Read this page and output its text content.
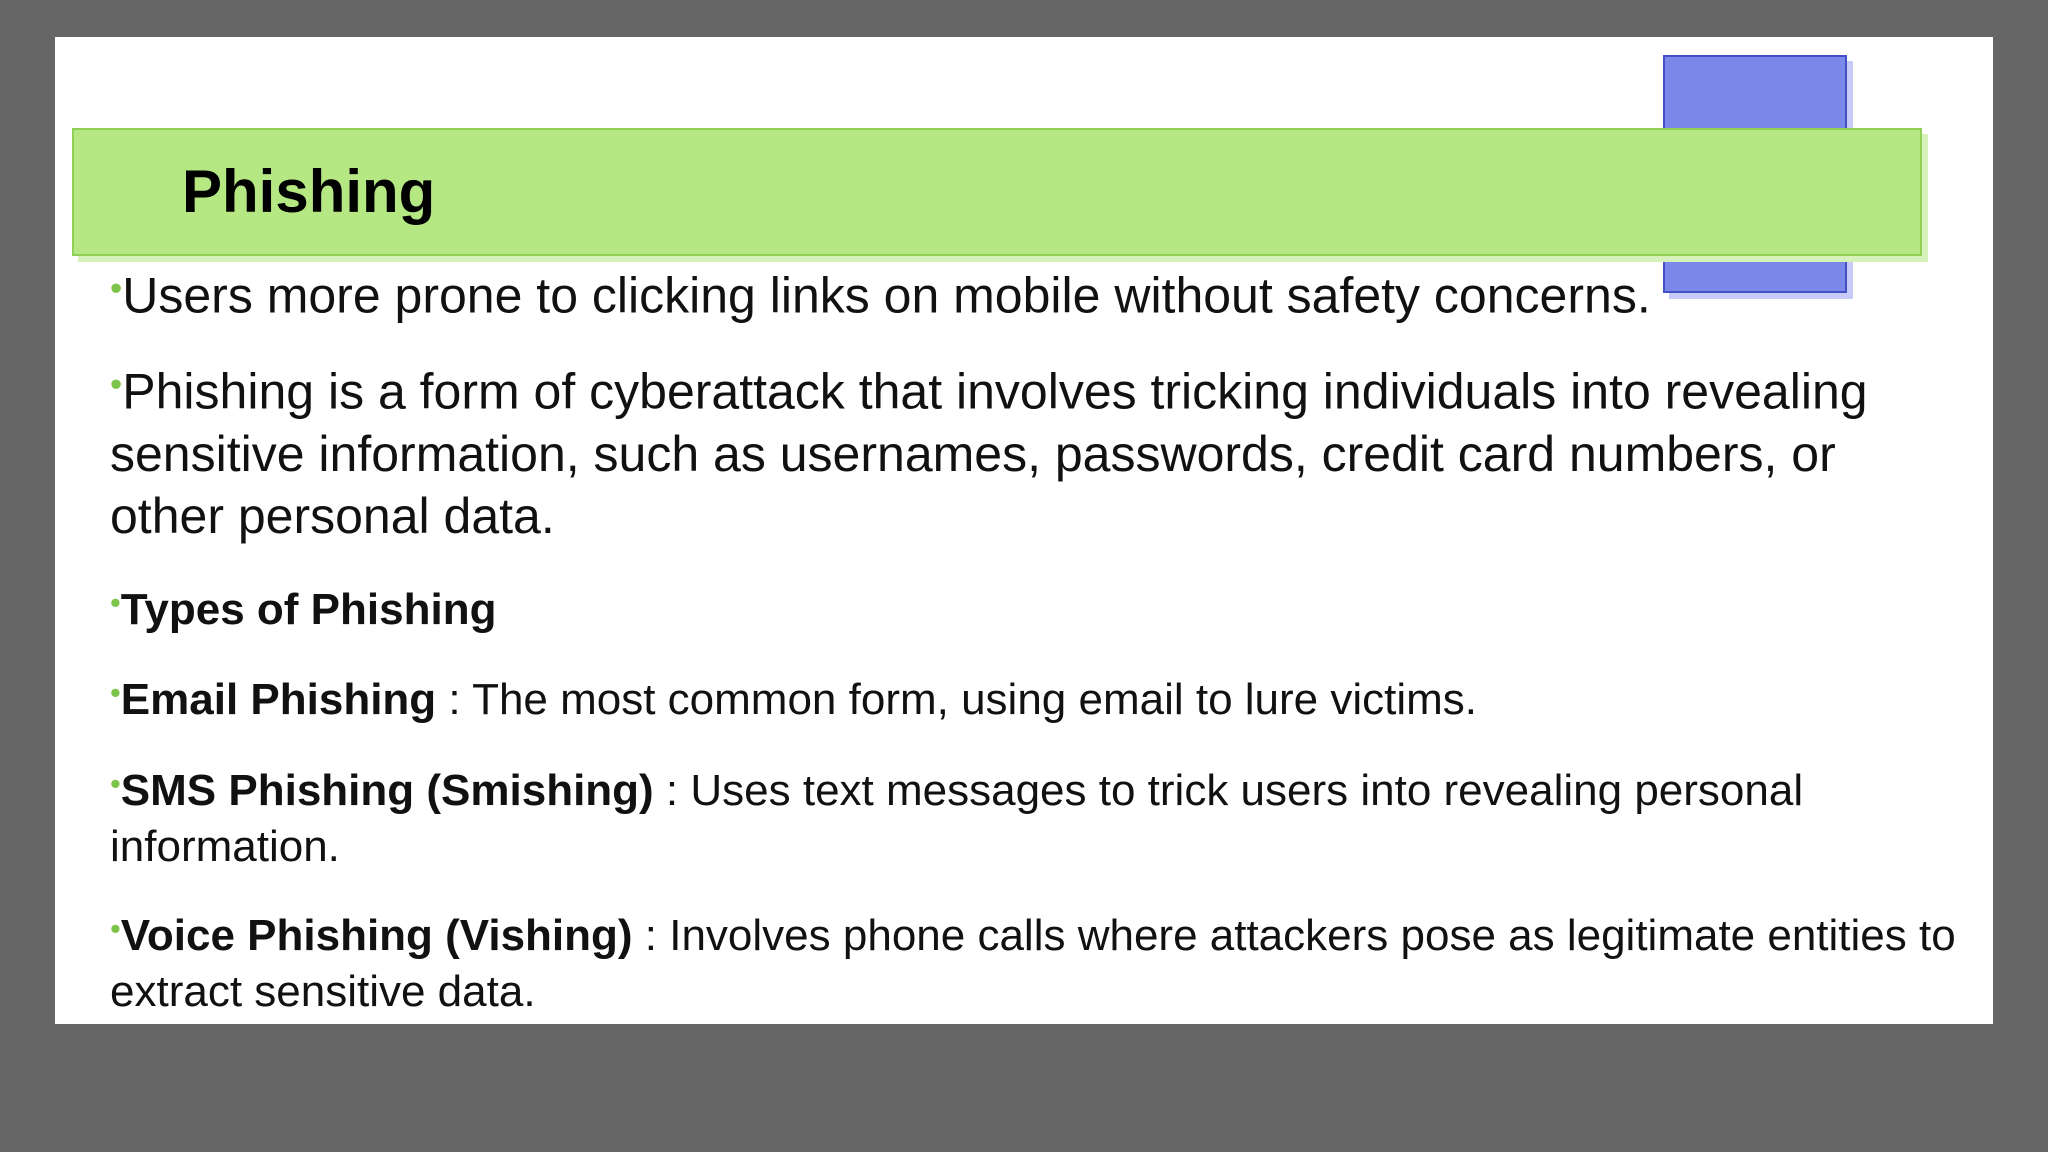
Phishing

•Users more prone to clicking links on mobile without safety concerns.

•Phishing is a form of cyberattack that involves tricking individuals into revealing sensitive information, such as usernames, passwords, credit card numbers, or other personal data.

•Types of Phishing

•Email Phishing : The most common form, using email to lure victims.

•SMS Phishing (Smishing) : Uses text messages to trick users into revealing personal information.

•Voice Phishing (Vishing) : Involves phone calls where attackers pose as legitimate entities to extract sensitive data.
